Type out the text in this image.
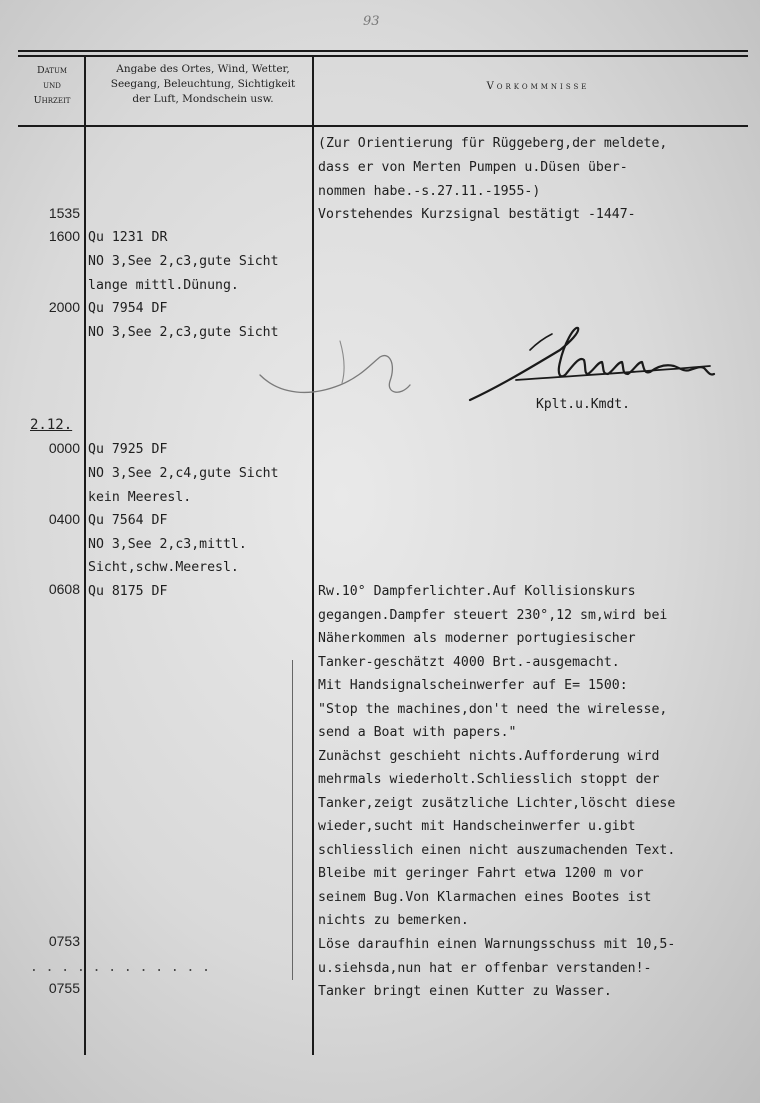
93
Datum
und
Uhrzeit
Angabe des Ortes, Wind, Wetter,
Seegang, Beleuchtung, Sichtigkeit
der Luft, Mondschein usw.
Vorkommnisse
1535
1600
2000
2.12.
0000
0400
0608
0753
. . . . . . . . . . . .
0755
Qu 1231 DR
NO 3,See 2,c3,gute Sicht
lange mittl.Dünung.
Qu 7954 DF
NO 3,See 2,c3,gute Sicht
Qu 7925 DF
NO 3,See 2,c4,gute Sicht
kein Meeresl.
Qu 7564 DF
NO 3,See 2,c3,mittl.
Sicht,schw.Meeresl.
Qu 8175 DF
(Zur Orientierung für Rüggeberg,der meldete,
dass er von Merten Pumpen u.Düsen über-
nommen habe.-s.27.11.-1955-)
Vorstehendes Kurzsignal bestätigt -1447-
Rw.10° Dampferlichter.Auf Kollisionskurs
gegangen.Dampfer steuert 230°,12 sm,wird bei
Näherkommen als moderner portugiesischer
Tanker-geschätzt 4000 Brt.-ausgemacht.
Mit Handsignalscheinwerfer auf E= 1500:
"Stop the machines,don't need the wirelesse,
send a Boat with papers."
Zunächst geschieht nichts.Aufforderung wird
mehrmals wiederholt.Schliesslich stoppt der
Tanker,zeigt zusätzliche Lichter,löscht diese
wieder,sucht mit Handscheinwerfer u.gibt
schliesslich einen nicht auszumachenden Text.
Bleibe mit geringer Fahrt etwa 1200 m vor
seinem Bug.Von Klarmachen eines Bootes ist
nichts zu bemerken.
Löse daraufhin einen Warnungsschuss mit 10,5-
u.siehsda,nun hat er offenbar verstanden!-
Tanker bringt einen Kutter zu Wasser.
Kplt.u.Kmdt.
